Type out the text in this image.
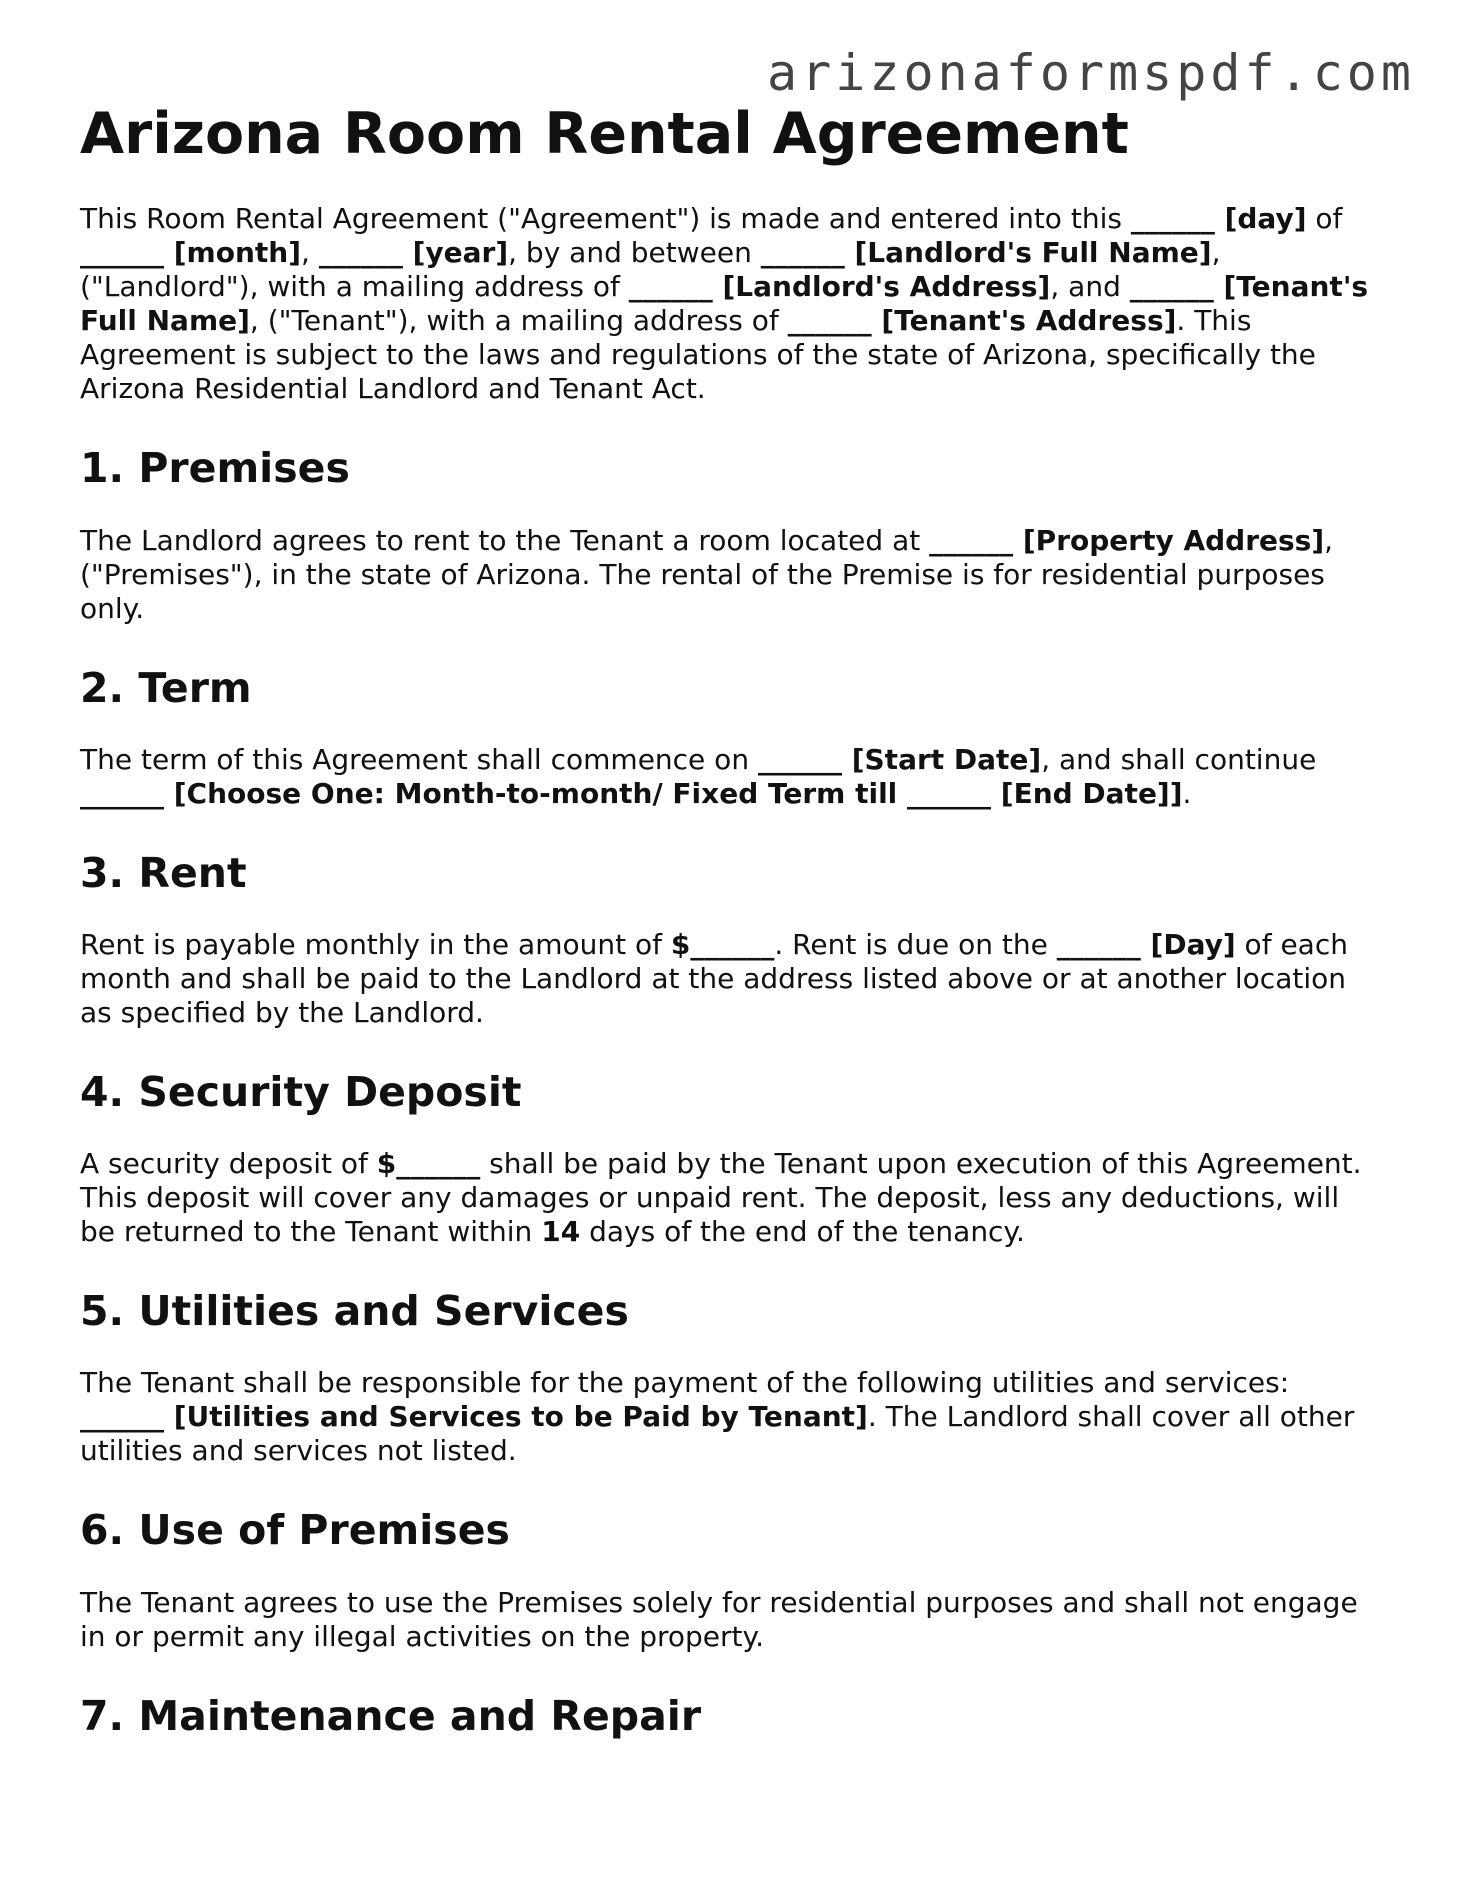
arizonaformspdf.com
Arizona Room Rental Agreement

This Room Rental Agreement ("Agreement") is made and entered into this ______ [day] of ______ [month], ______ [year], by and between ______ [Landlord's Full Name], ("Landlord"), with a mailing address of ______ [Landlord's Address], and ______ [Tenant's Full Name], ("Tenant"), with a mailing address of ______ [Tenant's Address]. This Agreement is subject to the laws and regulations of the state of Arizona, specifically the Arizona Residential Landlord and Tenant Act.

1. Premises

The Landlord agrees to rent to the Tenant a room located at ______ [Property Address], ("Premises"), in the state of Arizona. The rental of the Premise is for residential purposes only.

2. Term

The term of this Agreement shall commence on ______ [Start Date], and shall continue ______ [Choose One: Month-to-month/ Fixed Term till ______ [End Date]].

3. Rent

Rent is payable monthly in the amount of $______. Rent is due on the ______ [Day] of each month and shall be paid to the Landlord at the address listed above or at another location as specified by the Landlord.

4. Security Deposit

A security deposit of $______ shall be paid by the Tenant upon execution of this Agreement. This deposit will cover any damages or unpaid rent. The deposit, less any deductions, will be returned to the Tenant within 14 days of the end of the tenancy.

5. Utilities and Services

The Tenant shall be responsible for the payment of the following utilities and services: ______ [Utilities and Services to be Paid by Tenant]. The Landlord shall cover all other utilities and services not listed.

6. Use of Premises

The Tenant agrees to use the Premises solely for residential purposes and shall not engage in or permit any illegal activities on the property.

7. Maintenance and Repair
